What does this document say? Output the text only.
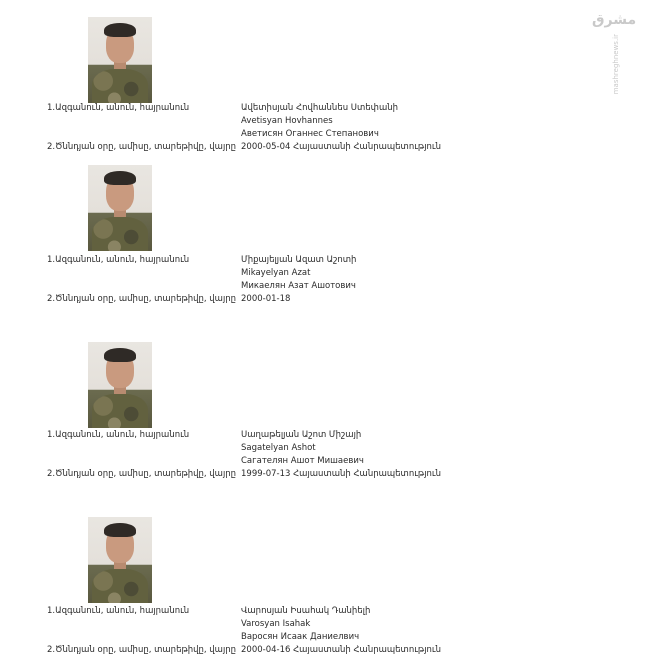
مشرق
mashreghnews.ir
1.Ազգանուն, անուն, հայրանուն	Ավետիսյան Հովհաննես Ստեփանի
Avetisyan Hovhannes
Аветисян Оганнес Степанович
2.Ծննդյան օրը, ամիսը, տարեթիվը, վայրը 2000-05-04 Հայաստանի Հանրապետություն
1.Ազգանուն, անուն, հայրանուն	Միքայելյան Ազատ Աշոտի
Mikayelyan Azat
Микаелян Азат Ашотович
2.Ծննդյան օրը, ամիսը, տարեթիվը, վայրը 2000-01-18
1.Ազգանուն, անուն, հայրանուն	Սաղաթելյան Աշոտ Միշայի
Sagatelyan Ashot
Сагателян Ашот Мишаевич
2.Ծննդյան օրը, ամիսը, տարեթիվը, վայրը 1999-07-13 Հայաստանի Հանրապետություն
1.Ազգանուն, անուն, հայրանուն	Վարոսյան Իսահակ Դանիելի
Varosyan Isahak
Варосян Исаак Даниелвич
2.Ծննդյան օրը, ամիսը, տարեթիվը, վայրը 2000-04-16 Հայաստանի Հանրապետություն
